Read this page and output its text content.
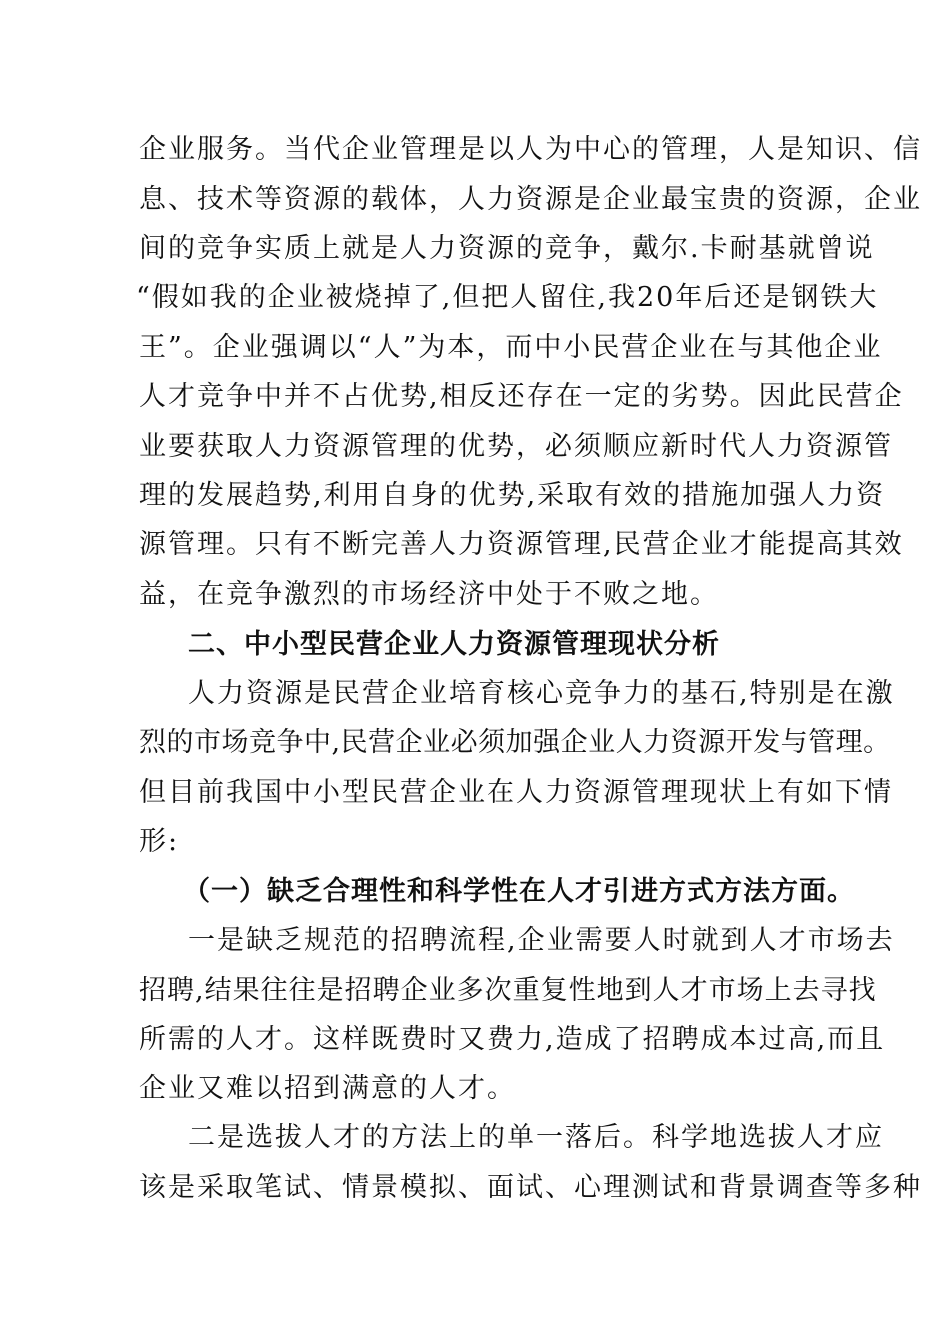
企业服务。当代企业管理是以人为中心的管理，人是知识、信
息、技术等资源的载体，人力资源是企业最宝贵的资源，企业
间的竞争实质上就是人力资源的竞争，戴尔.卡耐基就曾说
“假如我的企业被烧掉了,但把人留住,我20年后还是钢铁大
王”。企业强调以“人”为本，而中小民营企业在与其他企业
人才竞争中并不占优势,相反还存在一定的劣势。因此民营企
业要获取人力资源管理的优势，必须顺应新时代人力资源管
理的发展趋势,利用自身的优势,采取有效的措施加强人力资
源管理。只有不断完善人力资源管理,民营企业才能提高其效
益，在竞争激烈的市场经济中处于不败之地。
二、中小型民营企业人力资源管理现状分析
人力资源是民营企业培育核心竞争力的基石,特别是在激
烈的市场竞争中,民营企业必须加强企业人力资源开发与管理。
但目前我国中小型民营企业在人力资源管理现状上有如下情
形:
（一）缺乏合理性和科学性在人才引进方式方法方面。
一是缺乏规范的招聘流程,企业需要人时就到人才市场去
招聘,结果往往是招聘企业多次重复性地到人才市场上去寻找
所需的人才。这样既费时又费力,造成了招聘成本过高,而且
企业又难以招到满意的人才。
二是选拔人才的方法上的单一落后。科学地选拔人才应
该是采取笔试、情景模拟、面试、心理测试和背景调查等多种
